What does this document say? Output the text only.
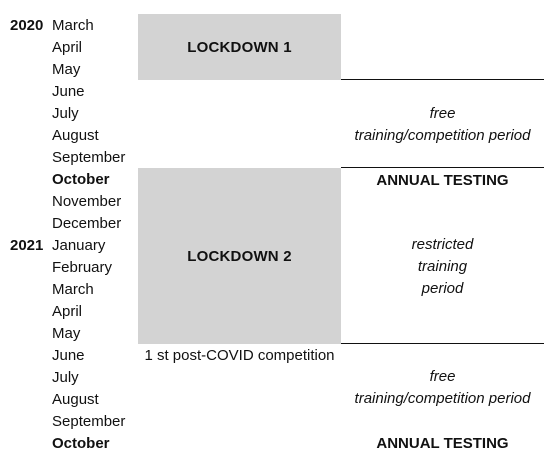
2020
2021
March
April
May
June
July
August
September
October
November
December
January
February
March
April
May
June
July
August
September
October
LOCKDOWN 1
LOCKDOWN 2
1 st post-COVID competition
free
training/competition period
ANNUAL TESTING
restricted
training
period
free
training/competition period
ANNUAL TESTING
